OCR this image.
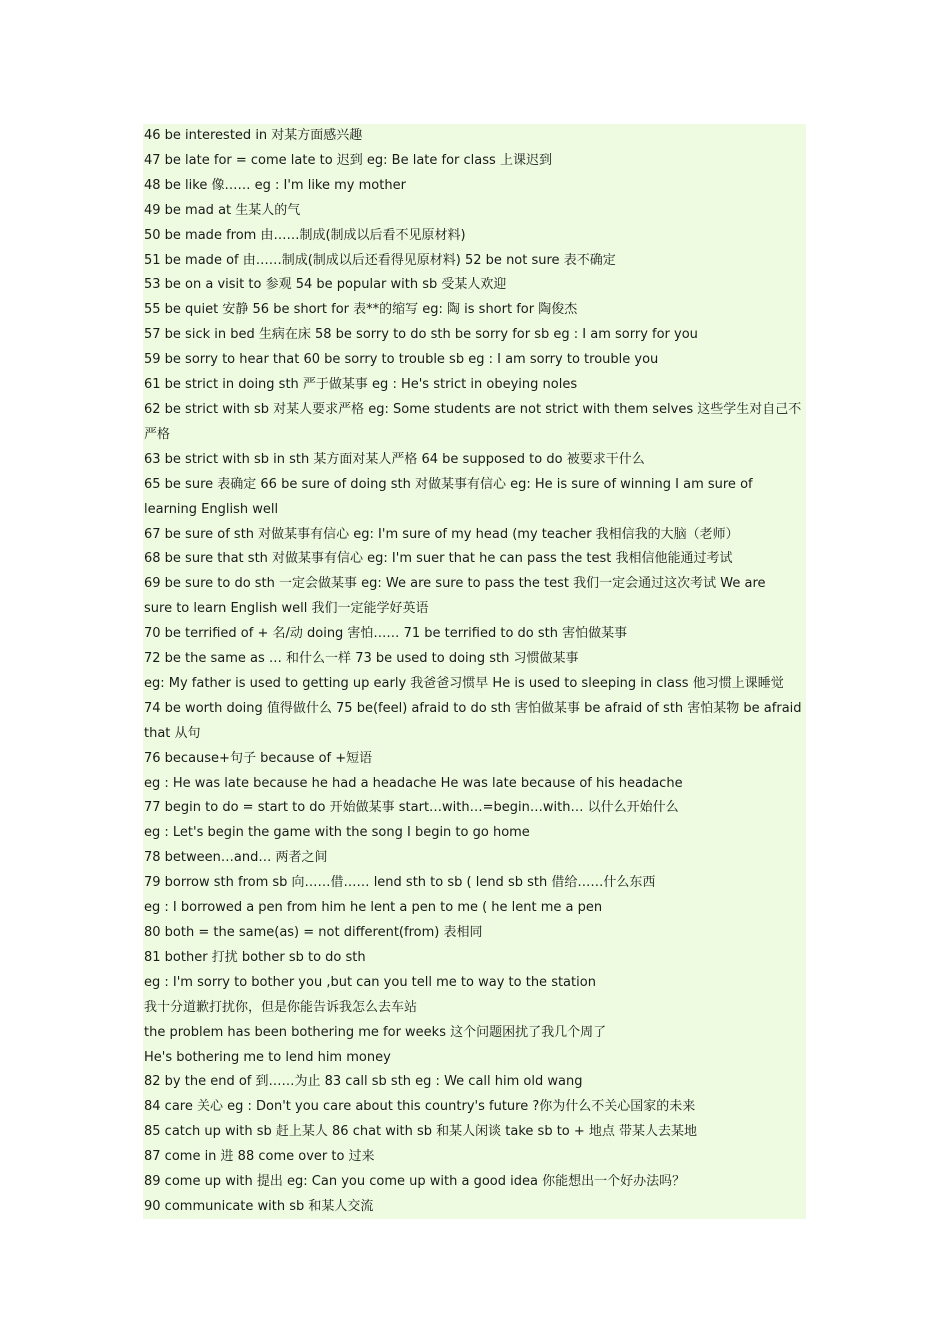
46 be interested in 对某方面感兴趣

47 be late for = come late to 迟到 eg: Be late for class 上课迟到

48 be like 像…… eg : I'm like my mother

49 be mad at 生某人的气

50 be made from 由……制成(制成以后看不见原材料)

51 be made of 由……制成(制成以后还看得见原材料) 52 be not sure 表不确定

53 be on a visit to 参观 54 be popular with sb 受某人欢迎

55 be quiet 安静 56 be short for 表**的缩写 eg: 陶 is short for 陶俊杰

57 be sick in bed 生病在床 58 be sorry to do sth be sorry for sb eg : I am sorry for you

59 be sorry to hear that 60 be sorry to trouble sb eg : I am sorry to trouble you

61 be strict in doing sth 严于做某事 eg : He's strict in obeying noles

62 be strict with sb 对某人要求严格 eg: Some students are not strict with them selves 这些学生对自己不

严格

63 be strict with sb in sth 某方面对某人严格 64 be supposed to do 被要求干什么

65 be sure 表确定 66 be sure of doing sth 对做某事有信心 eg: He is sure of winning I am sure of

learning English well

67 be sure of sth 对做某事有信心 eg: I'm sure of my head (my teacher 我相信我的大脑（老师）

68 be sure that sth 对做某事有信心 eg: I'm suer that he can pass the test 我相信他能通过考试

69 be sure to do sth 一定会做某事 eg: We are sure to pass the test 我们一定会通过这次考试 We are

sure to learn English well 我们一定能学好英语

70 be terrified of + 名/动 doing 害怕…… 71 be terrified to do sth 害怕做某事

72 be the same as … 和什么一样 73 be used to doing sth 习惯做某事

eg: My father is used to getting up early 我爸爸习惯早 He is used to sleeping in class 他习惯上课睡觉

74 be worth doing 值得做什么 75 be(feel) afraid to do sth 害怕做某事 be afraid of sth 害怕某物 be afraid

that 从句

76 because+句子 because of +短语

eg : He was late because he had a headache He was late because of his headache

77 begin to do = start to do 开始做某事 start…with…=begin…with… 以什么开始什么

eg : Let's begin the game with the song I begin to go home

78 between…and… 两者之间

79 borrow sth from sb 向……借…… lend sth to sb ( lend sb sth 借给……什么东西

eg : I borrowed a pen from him he lent a pen to me ( he lent me a pen

80 both = the same(as) = not different(from) 表相同

81 bother 打扰 bother sb to do sth

eg : I'm sorry to bother you ,but can you tell me to way to the station

我十分道歉打扰你，但是你能告诉我怎么去车站

the problem has been bothering me for weeks 这个问题困扰了我几个周了

He's bothering me to lend him money

82 by the end of 到……为止 83 call sb sth eg : We call him old wang

84 care 关心 eg : Don't you care about this country's future ?你为什么不关心国家的未来

85 catch up with sb 赶上某人 86 chat with sb 和某人闲谈 take sb to + 地点 带某人去某地

87 come in 进 88 come over to 过来

89 come up with 提出 eg: Can you come up with a good idea 你能想出一个好办法吗？

90 communicate with sb 和某人交流
